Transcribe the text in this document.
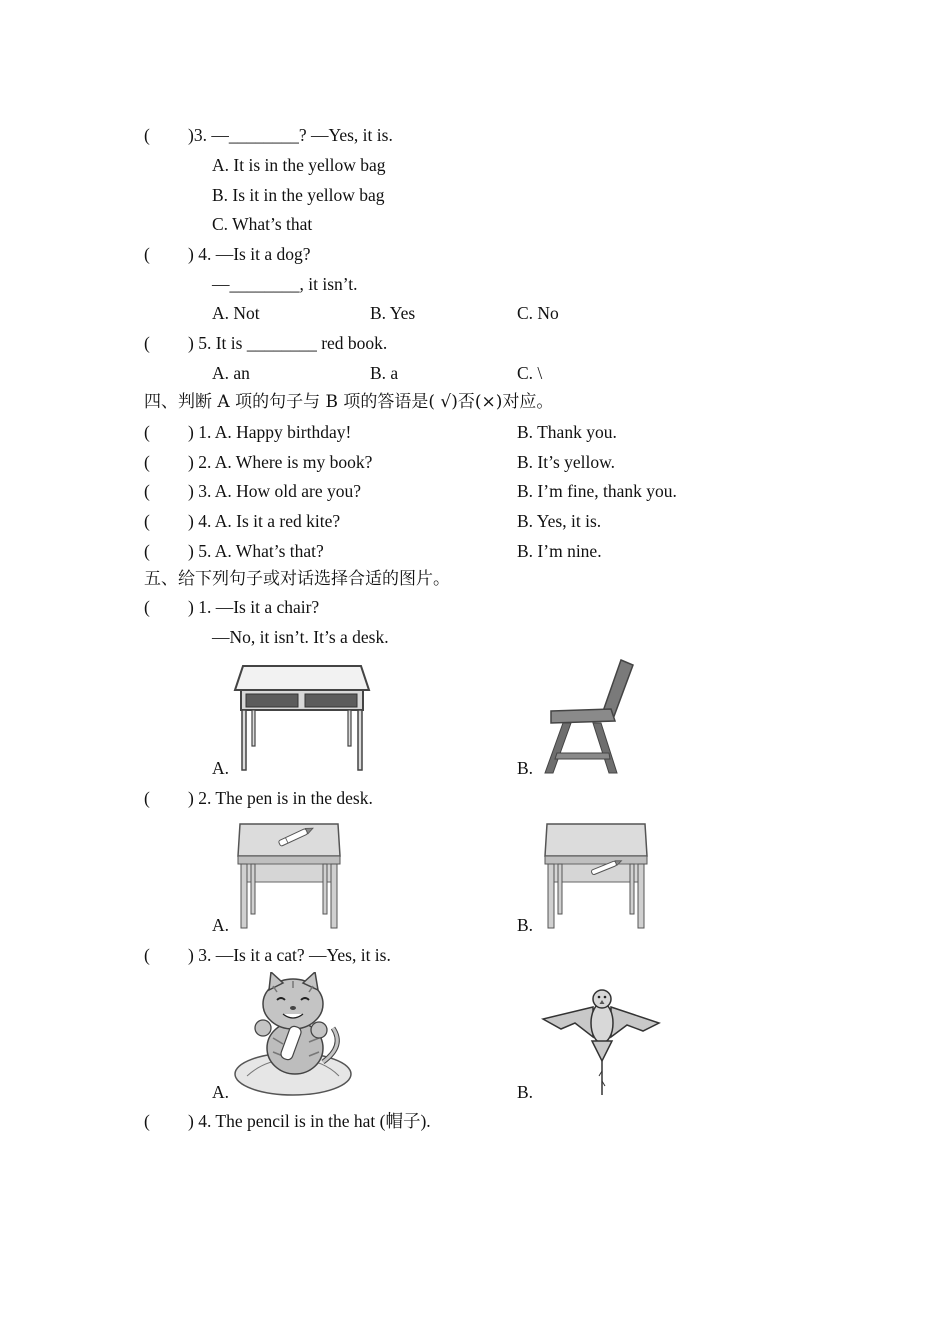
( )3. —________? —Yes, it is.
A. It is in the yellow bag
B. Is it in the yellow bag
C. What’s that
( ) 4. —Is it a dog?
—________, it isn’t.
A. Not	B. Yes	C. No
( ) 5. It is ________ red book.
A. an	B. a	C. \
四、判断 A 项的句子与 B 项的答语是( √)否(×)对应。
( ) 1. A. Happy birthday!	B. Thank you.
( ) 2. A. Where is my book?	B. It’s yellow.
( ) 3. A. How old are you?	B. I’m fine, thank you.
( ) 4. A. Is it a red kite?	B. Yes, it is.
( ) 5. A. What’s that?	B. I’m nine.
五、给下列句子或对话选择合适的图片。
( ) 1. —Is it a chair?
—No, it isn’t. It’s a desk.
A.	B.
( ) 2. The pen is in the desk.
A.	B.
( ) 3. —Is it a cat? —Yes, it is.
A.	B.
( ) 4. The pencil is in the hat (帽子).
